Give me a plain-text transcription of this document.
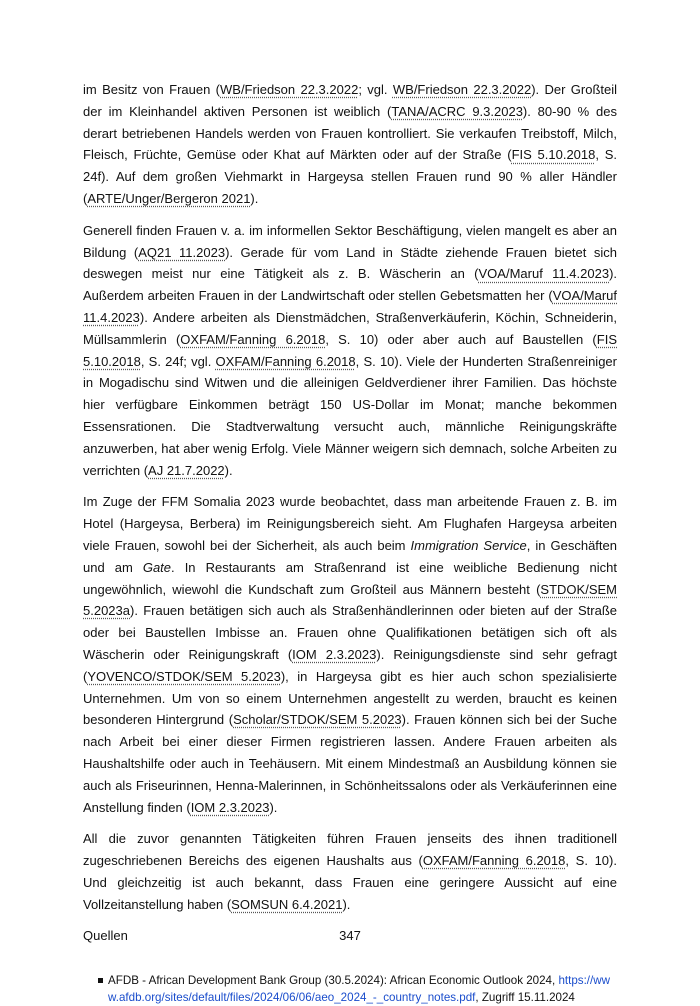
im Besitz von Frauen (WB/Friedson 22.3.2022; vgl. WB/Friedson 22.3.2022). Der Großteil der im Kleinhandel aktiven Personen ist weiblich (TANA/ACRC 9.3.2023). 80-90 % des derart betriebenen Handels werden von Frauen kontrolliert. Sie verkaufen Treibstoff, Milch, Fleisch, Früchte, Gemüse oder Khat auf Märkten oder auf der Straße (FIS 5.10.2018, S. 24f). Auf dem großen Viehmarkt in Hargeysa stellen Frauen rund 90 % aller Händler (ARTE/Unger/Bergeron 2021).

Generell finden Frauen v. a. im informellen Sektor Beschäftigung, vielen mangelt es aber an Bildung (AQ21 11.2023). Gerade für vom Land in Städte ziehende Frauen bietet sich deswegen meist nur eine Tätigkeit als z. B. Wäscherin an (VOA/Maruf 11.4.2023). Außerdem arbeiten Frauen in der Landwirtschaft oder stellen Gebetsmatten her (VOA/Maruf 11.4.2023). Andere arbeiten als Dienstmädchen, Straßenverkäuferin, Köchin, Schneiderin, Müllsammlerin (OXFAM/Fanning 6.2018, S. 10) oder aber auch auf Baustellen (FIS 5.10.2018, S. 24f; vgl. OXFAM/Fanning 6.2018, S. 10). Viele der Hunderten Straßenreiniger in Mogadischu sind Witwen und die alleinigen Geldverdiener ihrer Familien. Das höchste hier verfügbare Einkommen beträgt 150 US-Dollar im Monat; manche bekommen Essensrationen. Die Stadtverwaltung versucht auch, männliche Reinigungskräfte anzuwerben, hat aber wenig Erfolg. Viele Männer weigern sich demnach, solche Arbeiten zu verrichten (AJ 21.7.2022).

Im Zuge der FFM Somalia 2023 wurde beobachtet, dass man arbeitende Frauen z. B. im Hotel (Hargeysa, Berbera) im Reinigungsbereich sieht. Am Flughafen Hargeysa arbeiten viele Frauen, sowohl bei der Sicherheit, als auch beim Immigration Service, in Geschäften und am Gate. In Restaurants am Straßenrand ist eine weibliche Bedienung nicht ungewöhnlich, wiewohl die Kundschaft zum Großteil aus Männern besteht (STDOK/SEM 5.2023a). Frauen betätigen sich auch als Straßenhändlerinnen oder bieten auf der Straße oder bei Baustellen Imbisse an. Frauen ohne Qualifikationen betätigen sich oft als Wäscherin oder Reinigungskraft (IOM 2.3.2023). Reinigungsdienste sind sehr gefragt (YOVENCO/STDOK/SEM 5.2023), in Hargeysa gibt es hier auch schon spezialisierte Unternehmen. Um von so einem Unternehmen angestellt zu werden, braucht es keinen besonderen Hintergrund (Scholar/STDOK/SEM 5.2023). Frauen können sich bei der Suche nach Arbeit bei einer dieser Firmen registrieren lassen. Andere Frauen arbeiten als Haushaltshilfe oder auch in Teehäusern. Mit einem Mindestmaß an Ausbildung können sie auch als Friseurinnen, Henna-Malerinnen, in Schönheitssalons oder als Verkäuferinnen eine Anstellung finden (IOM 2.3.2023).

All die zuvor genannten Tätigkeiten führen Frauen jenseits des ihnen traditionell zugeschriebenen Bereichs des eigenen Haushalts aus (OXFAM/Fanning 6.2018, S. 10). Und gleichzeitig ist auch bekannt, dass Frauen eine geringere Aussicht auf eine Vollzeitanstellung haben (SOMSUN 6.4.2021).

Quellen

AFDB - African Development Bank Group (30.5.2024): African Economic Outlook 2024, https://www.afdb.org/sites/default/files/2024/06/06/aeo_2024_-_country_notes.pdf, Zugriff 15.11.2024
347
